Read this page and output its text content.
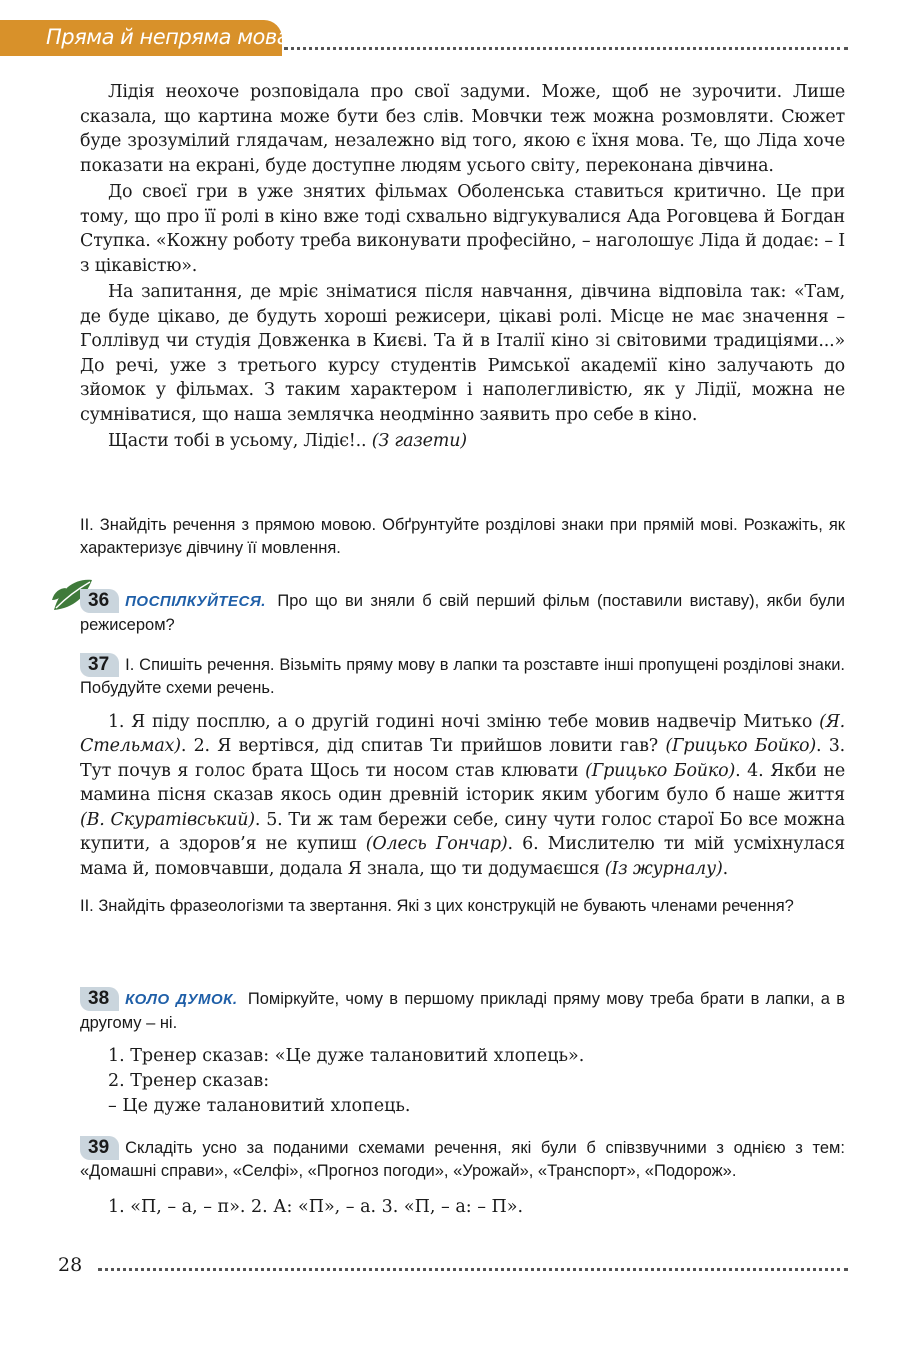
Пряма й непряма мова

Лідія неохоче розповідала про свої задуми. Може, щоб не зурочити. Лише сказала, що картина може бути без слів. Мовчки теж можна розмовляти. Сюжет буде зрозумілий глядачам, незалежно від того, якою є їхня мова. Те, що Ліда хоче показати на екрані, буде доступне людям усього світу, переконана дівчина.

До своєї гри в уже знятих фільмах Оболенська ставиться критично. Це при тому, що про її ролі в кіно вже тоді схвально відгукувалися Ада Роговцева й Богдан Ступка. «Кожну роботу треба виконувати професійно, – наголошує Ліда й додає: – І з цікавістю».

На запитання, де мріє зніматися після навчання, дівчина відповіла так: «Там, де буде цікаво, де будуть хороші режисери, цікаві ролі. Місце не має значення – Голлівуд чи студія Довженка в Києві. Та й в Італії кіно зі світовими традиціями...» До речі, уже з третього курсу студентів Римської академії кіно залучають до зйомок у фільмах. З таким характером і наполегливістю, як у Лідії, можна не сумніватися, що наша землячка неодмінно заявить про себе в кіно.

Щасти тобі в усьому, Лідіє!.. (З газети)

ІІ. Знайдіть речення з прямою мовою. Обґрунтуйте розділові знаки при прямій мові. Розкажіть, як характеризує дівчину її мовлення.

36 ПОСПІЛКУЙТЕСЯ. Про що ви зняли б свій перший фільм (поставили виставу), якби були режисером?

37 І. Спишіть речення. Візьміть пряму мову в лапки та розставте інші пропущені розділові знаки. Побудуйте схеми речень.

1. Я піду посплю, а о другій годині ночі зміню тебе мовив надвечір Митько (Я. Стельмах). 2. Я вертівся, дід спитав Ти прийшов ловити гав? (Грицько Бойко). 3. Тут почув я голос брата Щось ти носом став клювати (Грицько Бойко). 4. Якби не мамина пісня сказав якось один древній історик яким убогим було б наше життя (В. Скуратівський). 5. Ти ж там бережи себе, сину чути голос старої Бо все можна купити, а здоров’я не купиш (Олесь Гончар). 6. Мислителю ти мій усміхнулася мама й, помовчавши, додала Я знала, що ти додумаєшся (Із журналу).

ІІ. Знайдіть фразеологізми та звертання. Які з цих конструкцій не бувають членами речення?

38 КОЛО ДУМОК. Поміркуйте, чому в першому прикладі пряму мову треба брати в лапки, а в другому – ні.

1. Тренер сказав: «Це дуже талановитий хлопець».

2. Тренер сказав:

– Це дуже талановитий хлопець.

39 Складіть усно за поданими схемами речення, які були б співзвучними з однією з тем: «Домашні справи», «Селфі», «Прогноз погоди», «Урожай», «Транспорт», «Подорож».

1. «П, – а, – п». 2. А: «П», – а. 3. «П, – а: – П».

28
